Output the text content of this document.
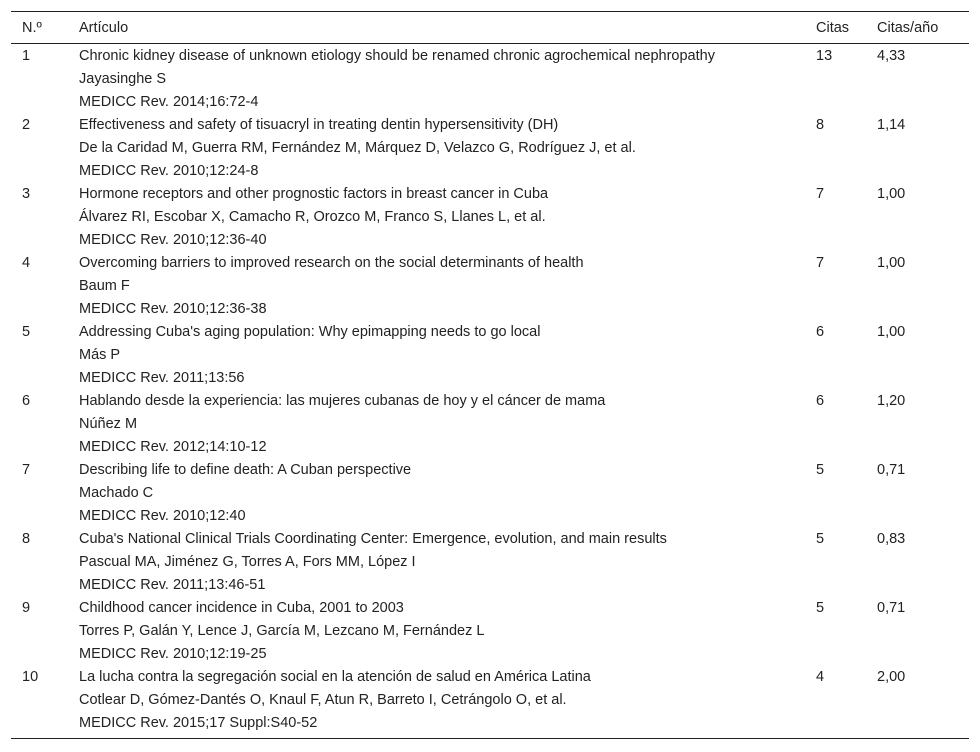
N.º	Artículo	Citas	Citas/año
1	Chronic kidney disease of unknown etiology should be renamed chronic agrochemical nephropathy
Jayasinghe S
MEDICC Rev. 2014;16:72-4	13	4,33
2	Effectiveness and safety of tisuacryl in treating dentin hypersensitivity (DH)
De la Caridad M, Guerra RM, Fernández M, Márquez D, Velazco G, Rodríguez J, et al.
MEDICC Rev. 2010;12:24-8	8	1,14
3	Hormone receptors and other prognostic factors in breast cancer in Cuba
Álvarez RI, Escobar X, Camacho R, Orozco M, Franco S, Llanes L, et al.
MEDICC Rev. 2010;12:36-40	7	1,00
4	Overcoming barriers to improved research on the social determinants of health
Baum F
MEDICC Rev. 2010;12:36-38	7	1,00
5	Addressing Cuba's aging population: Why epimapping needs to go local
Más P
MEDICC Rev. 2011;13:56	6	1,00
6	Hablando desde la experiencia: las mujeres cubanas de hoy y el cáncer de mama
Núñez M
MEDICC Rev. 2012;14:10-12	6	1,20
7	Describing life to define death: A Cuban perspective
Machado C
MEDICC Rev. 2010;12:40	5	0,71
8	Cuba's National Clinical Trials Coordinating Center: Emergence, evolution, and main results
Pascual MA, Jiménez G, Torres A, Fors MM, López I
MEDICC Rev. 2011;13:46-51	5	0,83
9	Childhood cancer incidence in Cuba, 2001 to 2003
Torres P, Galán Y, Lence J, García M, Lezcano M, Fernández L
MEDICC Rev. 2010;12:19-25	5	0,71
10	La lucha contra la segregación social en la atención de salud en América Latina
Cotlear D, Gómez-Dantés O, Knaul F, Atun R, Barreto I, Cetrángolo O, et al.
MEDICC Rev. 2015;17 Suppl:S40-52	4	2,00
